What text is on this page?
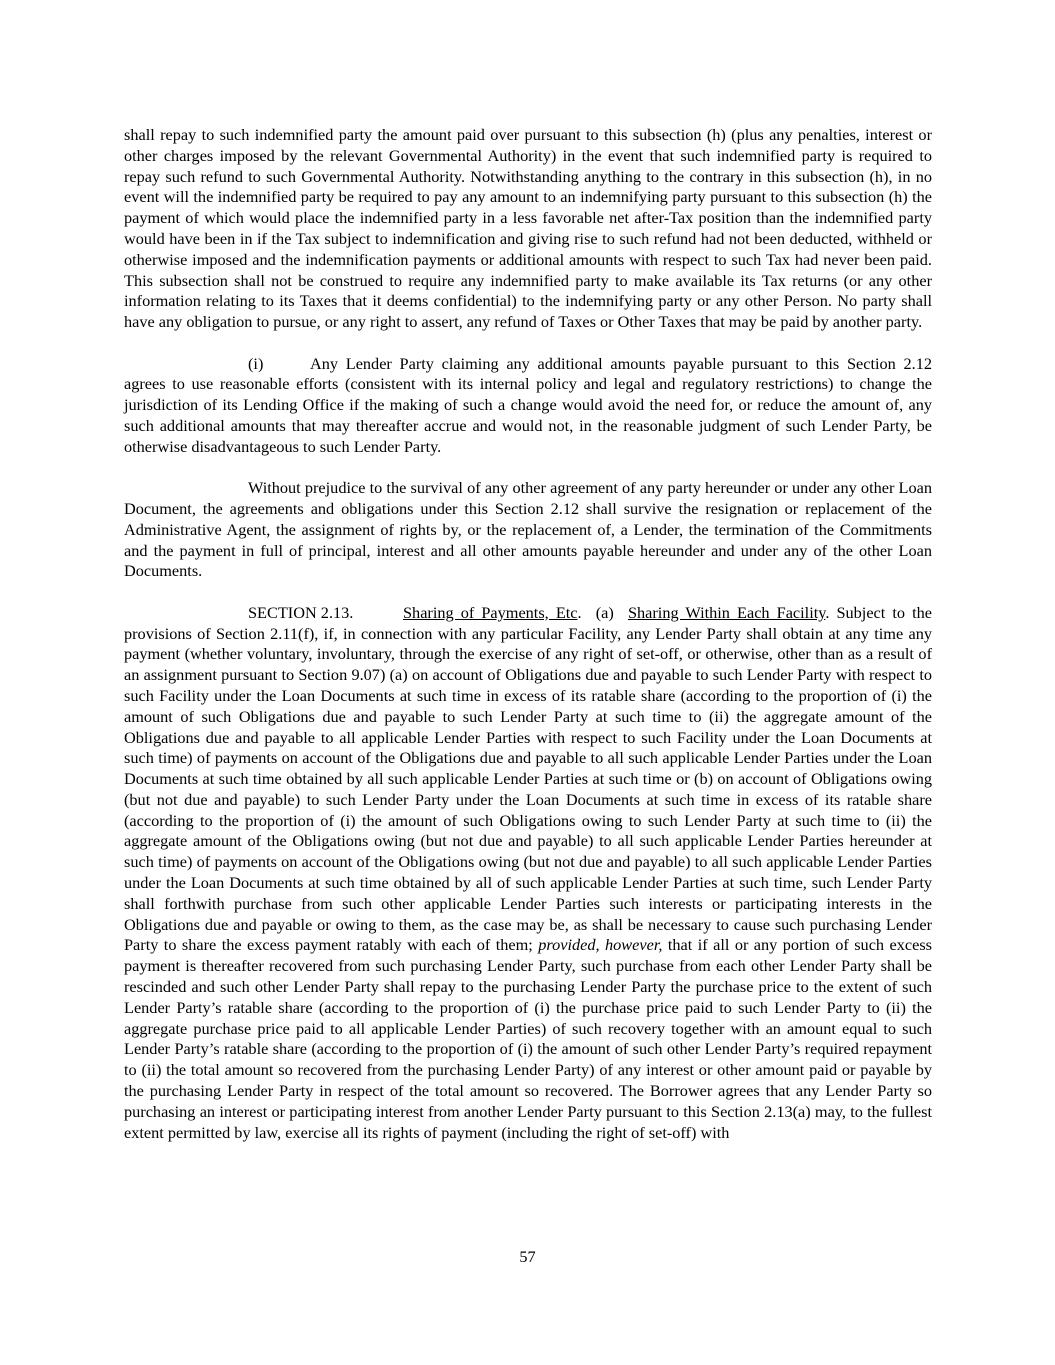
shall repay to such indemnified party the amount paid over pursuant to this subsection (h) (plus any penalties, interest or other charges imposed by the relevant Governmental Authority) in the event that such indemnified party is required to repay such refund to such Governmental Authority. Notwithstanding anything to the contrary in this subsection (h), in no event will the indemnified party be required to pay any amount to an indemnifying party pursuant to this subsection (h) the payment of which would place the indemnified party in a less favorable net after-Tax position than the indemnified party would have been in if the Tax subject to indemnification and giving rise to such refund had not been deducted, withheld or otherwise imposed and the indemnification payments or additional amounts with respect to such Tax had never been paid. This subsection shall not be construed to require any indemnified party to make available its Tax returns (or any other information relating to its Taxes that it deems confidential) to the indemnifying party or any other Person. No party shall have any obligation to pursue, or any right to assert, any refund of Taxes or Other Taxes that may be paid by another party.

(i)	Any Lender Party claiming any additional amounts payable pursuant to this Section 2.12 agrees to use reasonable efforts (consistent with its internal policy and legal and regulatory restrictions) to change the jurisdiction of its Lending Office if the making of such a change would avoid the need for, or reduce the amount of, any such additional amounts that may thereafter accrue and would not, in the reasonable judgment of such Lender Party, be otherwise disadvantageous to such Lender Party.

Without prejudice to the survival of any other agreement of any party hereunder or under any other Loan Document, the agreements and obligations under this Section 2.12 shall survive the resignation or replacement of the Administrative Agent, the assignment of rights by, or the replacement of, a Lender, the termination of the Commitments and the payment in full of principal, interest and all other amounts payable hereunder and under any of the other Loan Documents.

SECTION 2.13.	Sharing of Payments, Etc.  (a)  Sharing Within Each Facility. Subject to the provisions of Section 2.11(f), if, in connection with any particular Facility, any Lender Party shall obtain at any time any payment (whether voluntary, involuntary, through the exercise of any right of set-off, or otherwise, other than as a result of an assignment pursuant to Section 9.07) (a) on account of Obligations due and payable to such Lender Party with respect to such Facility under the Loan Documents at such time in excess of its ratable share (according to the proportion of (i) the amount of such Obligations due and payable to such Lender Party at such time to (ii) the aggregate amount of the Obligations due and payable to all applicable Lender Parties with respect to such Facility under the Loan Documents at such time) of payments on account of the Obligations due and payable to all such applicable Lender Parties under the Loan Documents at such time obtained by all such applicable Lender Parties at such time or (b) on account of Obligations owing (but not due and payable) to such Lender Party under the Loan Documents at such time in excess of its ratable share (according to the proportion of (i) the amount of such Obligations owing to such Lender Party at such time to (ii) the aggregate amount of the Obligations owing (but not due and payable) to all such applicable Lender Parties hereunder at such time) of payments on account of the Obligations owing (but not due and payable) to all such applicable Lender Parties under the Loan Documents at such time obtained by all of such applicable Lender Parties at such time, such Lender Party shall forthwith purchase from such other applicable Lender Parties such interests or participating interests in the Obligations due and payable or owing to them, as the case may be, as shall be necessary to cause such purchasing Lender Party to share the excess payment ratably with each of them; provided, however, that if all or any portion of such excess payment is thereafter recovered from such purchasing Lender Party, such purchase from each other Lender Party shall be rescinded and such other Lender Party shall repay to the purchasing Lender Party the purchase price to the extent of such Lender Party’s ratable share (according to the proportion of (i) the purchase price paid to such Lender Party to (ii) the aggregate purchase price paid to all applicable Lender Parties) of such recovery together with an amount equal to such Lender Party’s ratable share (according to the proportion of (i) the amount of such other Lender Party’s required repayment to (ii) the total amount so recovered from the purchasing Lender Party) of any interest or other amount paid or payable by the purchasing Lender Party in respect of the total amount so recovered. The Borrower agrees that any Lender Party so purchasing an interest or participating interest from another Lender Party pursuant to this Section 2.13(a) may, to the fullest extent permitted by law, exercise all its rights of payment (including the right of set-off) with

57
